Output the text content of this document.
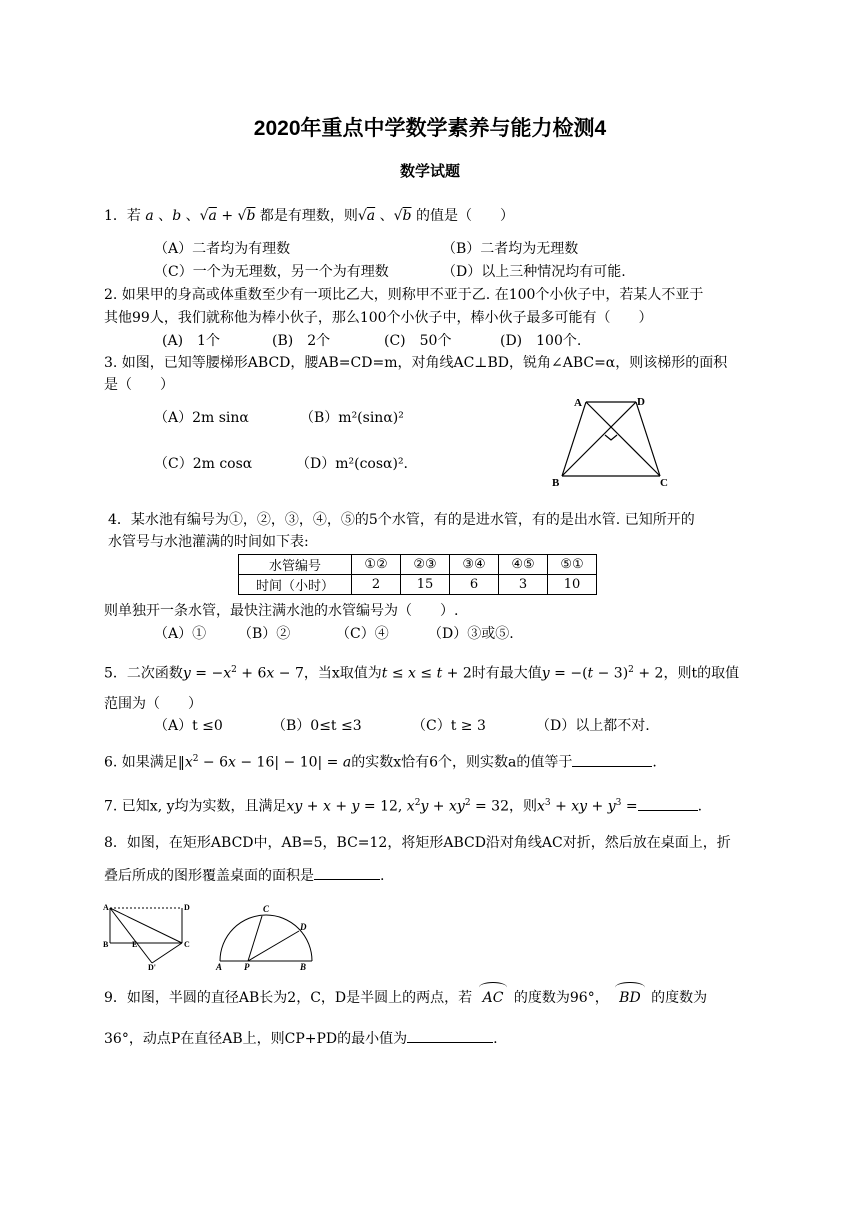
2020年重点中学数学素养与能力检测4
数学试题
1．若 a 、b 、√a + √b 都是有理数，则√a 、√b 的值是（　　）
（A）二者均为有理数	（B）二者均为无理数
（C）一个为无理数，另一个为有理数	（D）以上三种情况均有可能.
2. 如果甲的身高或体重数至少有一项比乙大，则称甲不亚于乙. 在100个小伙子中，若某人不亚于
其他99人，我们就称他为棒小伙子，那么100个小伙子中，棒小伙子最多可能有（　　）
(A)　1个	(B)　2个	(C)　50个	(D)　100个.
3. 如图，已知等腰梯形ABCD，腰AB=CD=m，对角线AC⊥BD，锐角∠ABC=α，则该梯形的面积
是（　　）
（A）2m sinα	（B）m²(sinα)²
（C）2m cosα	（D）m²(cosα)².
A	D
B	C
4．某水池有编号为①，②，③，④，⑤的5个水管，有的是进水管，有的是出水管. 已知所开的
水管号与水池灌满的时间如下表:
水管编号	①②	②③	③④	④⑤	⑤①
时间（小时）	2	15	6	3	10
则单独开一条水管，最快注满水池的水管编号为（　　）.
（A）① （B）②	（C）④	（D）③或⑤.
5．二次函数$y = -x^2 + 6x - 7$，当x取值为t ≤ x ≤ t + 2时有最大值$y = -(t - 3)^2 + 2$，则t的取值
范围为（　　）
（A）t ≤0	（B）0≤t ≤3	（C）t ≥ 3	（D）以上都不对.
6. 如果满足$‖x^2 - 6x - 16| - 10| = a$的实数x恰有6个，则实数a的值等于	.
7. 已知x, y均为实数，且满足xy + x + y = 12, $x^2y + xy^2 = 32$，则$x^3$ + xy + $y^3$ =	.
8．如图，在矩形ABCD中，AB=5，BC=12，将矩形ABCD沿对角线AC对折，然后放在桌面上，折
叠后所成的图形覆盖桌面的面积是	.
A	D
B	E	C
D'
C
D
A P	B
9．如图，半圆的直径AB长为2，C，D是半圆上的两点，若 AC 的度数为96°， BD 的度数为
36°，动点P在直径AB上，则CP+PD的最小值为	.
